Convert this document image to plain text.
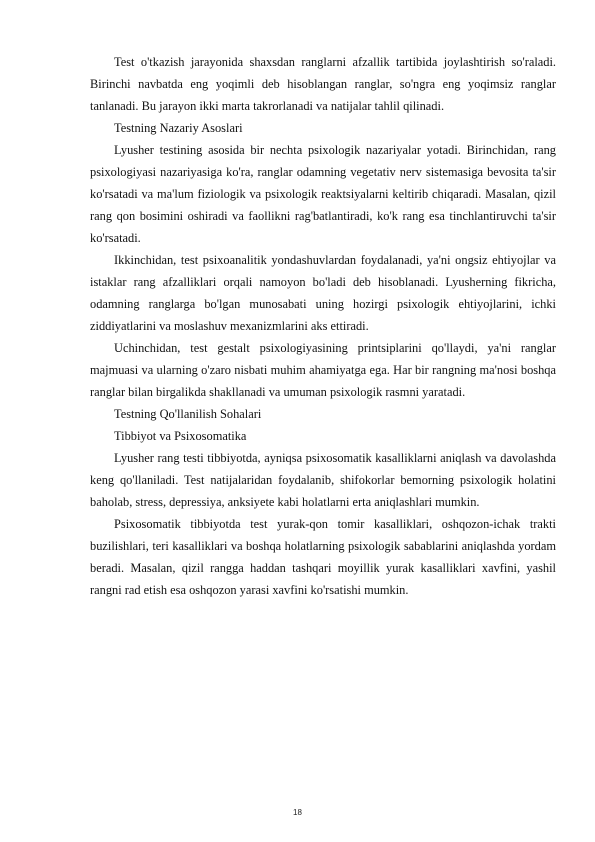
Test o'tkazish jarayonida shaxsdan ranglarni afzallik tartibida joylashtirish so'raladi. Birinchi navbatda eng yoqimli deb hisoblangan ranglar, so'ngra eng yoqimsiz ranglar tanlanadi. Bu jarayon ikki marta takrorlanadi va natijalar tahlil qilinadi.

Testning Nazariy Asoslari

Lyusher testining asosida bir nechta psixologik nazariyalar yotadi. Birinchidan, rang psixologiyasi nazariyasiga ko'ra, ranglar odamning vegetativ nerv sistemasiga bevosita ta'sir ko'rsatadi va ma'lum fiziologik va psixologik reaktsiyalarni keltirib chiqaradi. Masalan, qizil rang qon bosimini oshiradi va faollikni rag'batlantiradi, ko'k rang esa tinchlantiruvchi ta'sir ko'rsatadi.

Ikkinchidan, test psixoanalitik yondashuvlardan foydalanadi, ya'ni ongsiz ehtiyojlar va istaklar rang afzalliklari orqali namoyon bo'ladi deb hisoblanadi. Lyusherning fikricha, odamning ranglarga bo'lgan munosabati uning hozirgi psixologik ehtiyojlarini, ichki ziddiyatlarini va moslashuv mexanizmlarini aks ettiradi.

Uchinchidan, test gestalt psixologiyasining printsiplarini qo'llaydi, ya'ni ranglar majmuasi va ularning o'zaro nisbati muhim ahamiyatga ega. Har bir rangning ma'nosi boshqa ranglar bilan birgalikda shakllanadi va umuman psixologik rasmni yaratadi.

Testning Qo'llanilish Sohalari

Tibbiyot va Psixosomatika

Lyusher rang testi tibbiyotda, ayniqsa psixosomatik kasalliklarni aniqlash va davolashda keng qo'llaniladi. Test natijalaridan foydalanib, shifokorlar bemorning psixologik holatini baholab, stress, depressiya, anksiyete kabi holatlarni erta aniqlashlari mumkin.

Psixosomatik tibbiyotda test yurak-qon tomir kasalliklari, oshqozon-ichak trakti buzilishlari, teri kasalliklari va boshqa holatlarning psixologik sabablarini aniqlashda yordam beradi. Masalan, qizil rangga haddan tashqari moyillik yurak kasalliklari xavfini, yashil rangni rad etish esa oshqozon yarasi xavfini ko'rsatishi mumkin.

18
